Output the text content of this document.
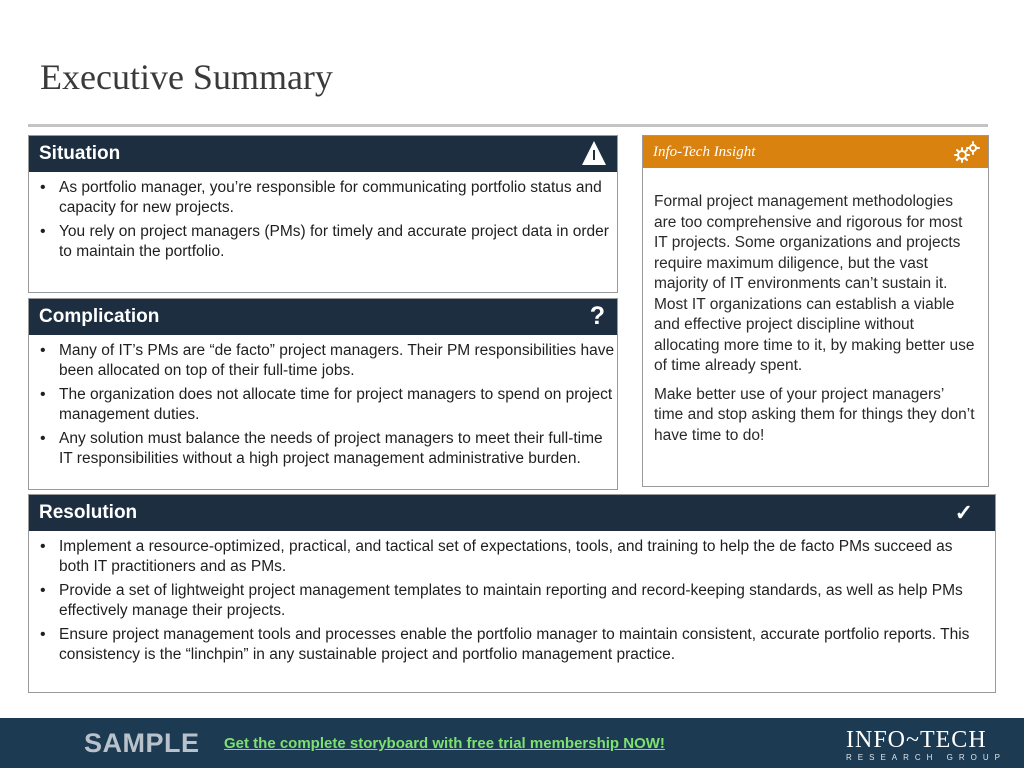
Executive Summary
Situation
• As portfolio manager, you’re responsible for communicating portfolio status and capacity for new projects.
• You rely on project managers (PMs) for timely and accurate project data in order to maintain the portfolio.
Complication	?
• Many of IT’s PMs are “de facto” project managers. Their PM responsibilities have been allocated on top of their full-time jobs.
• The organization does not allocate time for project managers to spend on project management duties.
• Any solution must balance the needs of project managers to meet their full-time IT responsibilities without a high project management administrative burden.
Info-Tech Insight

Formal project management methodologies are too comprehensive and rigorous for most IT projects. Some organizations and projects require maximum diligence, but the vast majority of IT environments can’t sustain it. Most IT organizations can establish a viable and effective project discipline without allocating more time to it, by making better use of time already spent.

Make better use of your project managers’ time and stop asking them for things they don’t have time to do!

Resolution	✓
• Implement a resource-optimized, practical, and tactical set of expectations, tools, and training to help the de facto PMs succeed as both IT practitioners and as PMs.
• Provide a set of lightweight project management templates to maintain reporting and record-keeping standards, as well as help PMs effectively manage their projects.
• Ensure project management tools and processes enable the portfolio manager to maintain consistent, accurate portfolio reports. This consistency is the “linchpin” in any sustainable project and portfolio management practice.
SAMPLE Get the complete storyboard with free trial membership NOW!	INFO~TECH
RESEARCH GROUP
